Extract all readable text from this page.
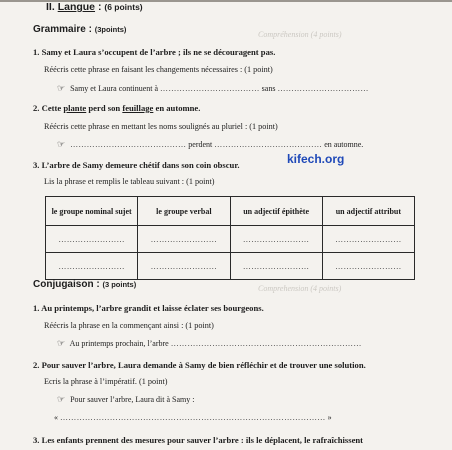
Compréhension (4 points)
Comprehension (4 points)
II. Langue : (6 points)
Grammaire : (3points)
1. Samy et Laura s’occupent de l’arbre ; ils ne se découragent pas.
Réécris cette phrase en faisant les changements nécessaires : (1 point)
☞ Samy et Laura continuent à ……………………………… sans ……………………………
2. Cette plante perd son feuillage en automne.
Réécris cette phrase en mettant les noms soulignés au pluriel : (1 point)
☞ …………………………………… perdent ………………………………… en automne.
3. L’arbre de Samy demeure chétif dans son coin obscur.	kifech.org
Lis la phrase et remplis le tableau suivant : (1 point)
le groupe nominal sujet	le groupe verbal	un adjectif épithète	un adjectif attribut
……………………	……………………	……………………	……………………
……………………	……………………	……………………	……………………
Conjugaison : (3 points)
1. Au printemps, l’arbre grandit et laisse éclater ses bourgeons.
Réécris la phrase en la commençant ainsi : (1 point)
☞ Au printemps prochain, l’arbre ……………………………………………………………
2. Pour sauver l’arbre, Laura demande à Samy de bien réfléchir et de trouver une solution.
Ecris la phrase à l’impératif. (1 point)
☞ Pour sauver l’arbre, Laura dit à Samy :
« …………………………………………………………………………………… »
3. Les enfants prennent des mesures pour sauver l’arbre : ils le déplacent, le rafraîchissent
